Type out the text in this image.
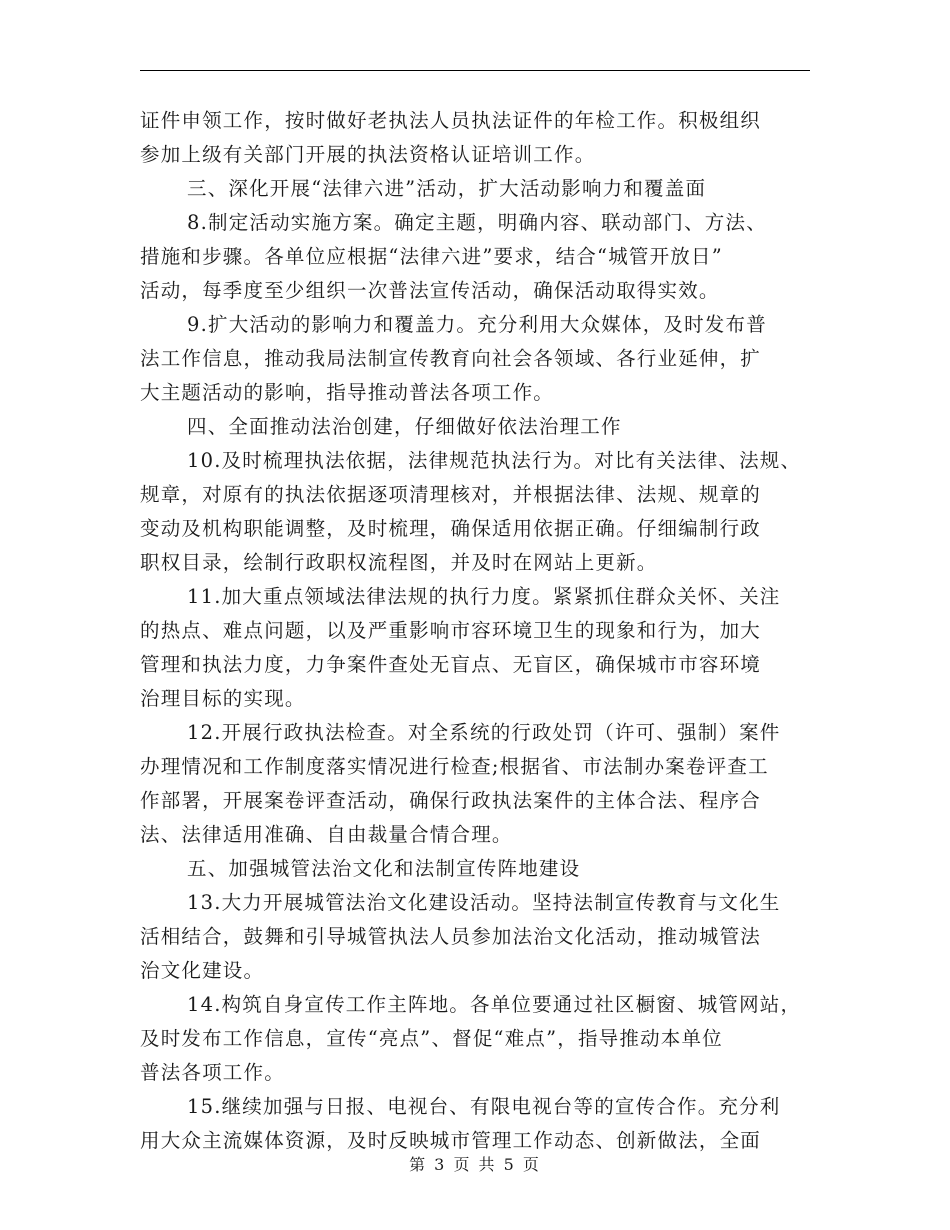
证件申领工作，按时做好老执法人员执法证件的年检工作。积极组织
参加上级有关部门开展的执法资格认证培训工作。
三、深化开展“法律六进”活动，扩大活动影响力和覆盖面
8.制定活动实施方案。确定主题，明确内容、联动部门、方法、
措施和步骤。各单位应根据“法律六进”要求，结合“城管开放日”
活动，每季度至少组织一次普法宣传活动，确保活动取得实效。
9.扩大活动的影响力和覆盖力。充分利用大众媒体，及时发布普
法工作信息，推动我局法制宣传教育向社会各领域、各行业延伸，扩
大主题活动的影响，指导推动普法各项工作。
四、全面推动法治创建，仔细做好依法治理工作
10.及时梳理执法依据，法律规范执法行为。对比有关法律、法规、
规章，对原有的执法依据逐项清理核对，并根据法律、法规、规章的
变动及机构职能调整，及时梳理，确保适用依据正确。仔细编制行政
职权目录，绘制行政职权流程图，并及时在网站上更新。
11.加大重点领域法律法规的执行力度。紧紧抓住群众关怀、关注
的热点、难点问题，以及严重影响市容环境卫生的现象和行为，加大
管理和执法力度，力争案件查处无盲点、无盲区，确保城市市容环境
治理目标的实现。
12.开展行政执法检查。对全系统的行政处罚（许可、强制）案件
办理情况和工作制度落实情况进行检查;根据省、市法制办案卷评查工
作部署，开展案卷评查活动，确保行政执法案件的主体合法、程序合
法、法律适用准确、自由裁量合情合理。
五、加强城管法治文化和法制宣传阵地建设
13.大力开展城管法治文化建设活动。坚持法制宣传教育与文化生
活相结合，鼓舞和引导城管执法人员参加法治文化活动，推动城管法
治文化建设。
14.构筑自身宣传工作主阵地。各单位要通过社区橱窗、城管网站，
及时发布工作信息，宣传“亮点”、督促“难点”，指导推动本单位
普法各项工作。
15.继续加强与日报、电视台、有限电视台等的宣传合作。充分利
用大众主流媒体资源，及时反映城市管理工作动态、创新做法，全面
第 3 页 共 5 页
